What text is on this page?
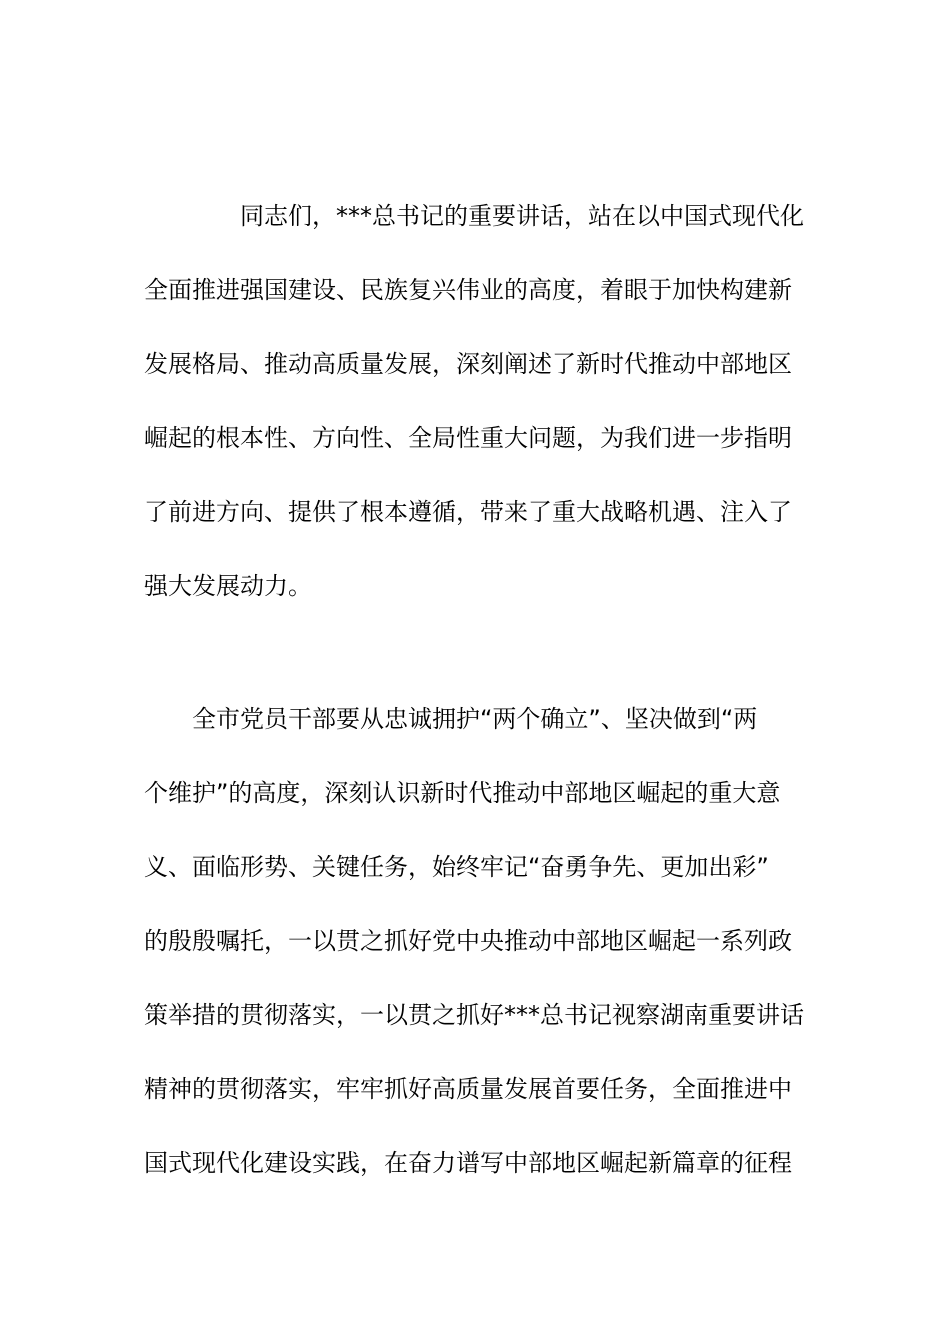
同志们，***总书记的重要讲话，站在以中国式现代化
全面推进强国建设、民族复兴伟业的高度，着眼于加快构建新
发展格局、推动高质量发展，深刻阐述了新时代推动中部地区
崛起的根本性、方向性、全局性重大问题，为我们进一步指明
了前进方向、提供了根本遵循，带来了重大战略机遇、注入了
强大发展动力。
全市党员干部要从忠诚拥护“两个确立”、坚决做到“两
个维护”的高度，深刻认识新时代推动中部地区崛起的重大意
义、面临形势、关键任务，始终牢记“奋勇争先、更加出彩”
的殷殷嘱托，一以贯之抓好党中央推动中部地区崛起一系列政
策举措的贯彻落实，一以贯之抓好***总书记视察湖南重要讲话
精神的贯彻落实，牢牢抓好高质量发展首要任务，全面推进中
国式现代化建设实践，在奋力谱写中部地区崛起新篇章的征程
